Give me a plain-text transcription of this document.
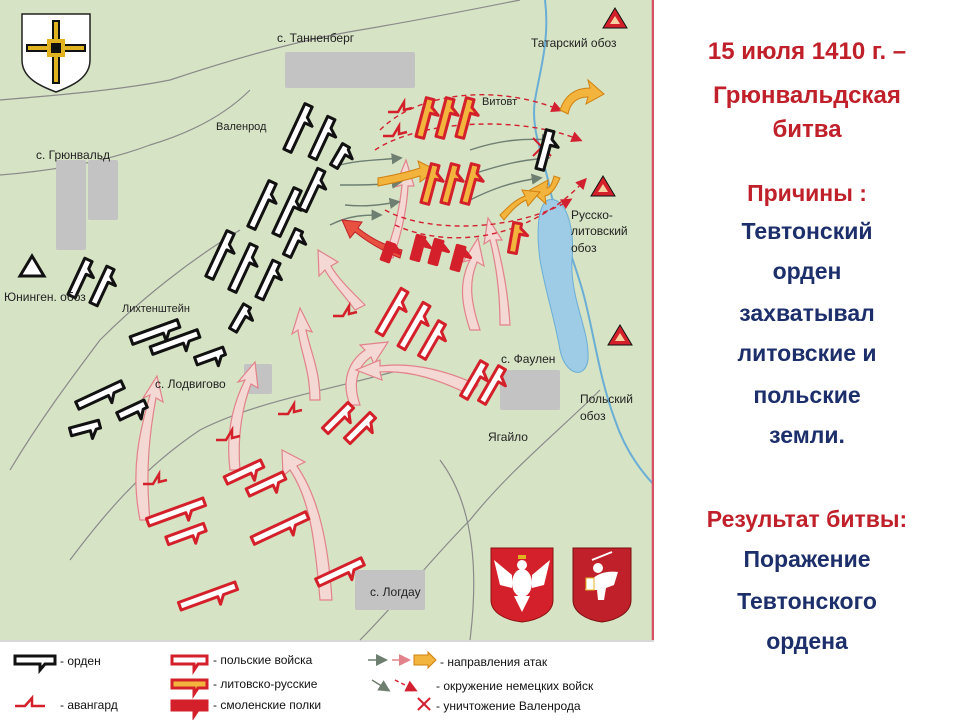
с. Танненберг	Татарский обоз
Витовт
Валенрод
с. Грюнвальд
Русско-
литовский
обоз
Юнинген. обоз
Лихтенштейн
с. Лодвигово
с. Фаулен
Польский
обоз
Ягайло
с. Логдау
- орден
- авангард
- польские войска
- литовско-русские
- смоленские полки
- направления атак
- окружение немецких войск
- уничтожение Валенрода
15 июля 1410 г. –
Грюнвальдская
битва
Причины :
Тевтонский
орден
захватывал
литовские и
польские
земли.
Результат битвы:
Поражение
Тевтонского
ордена
